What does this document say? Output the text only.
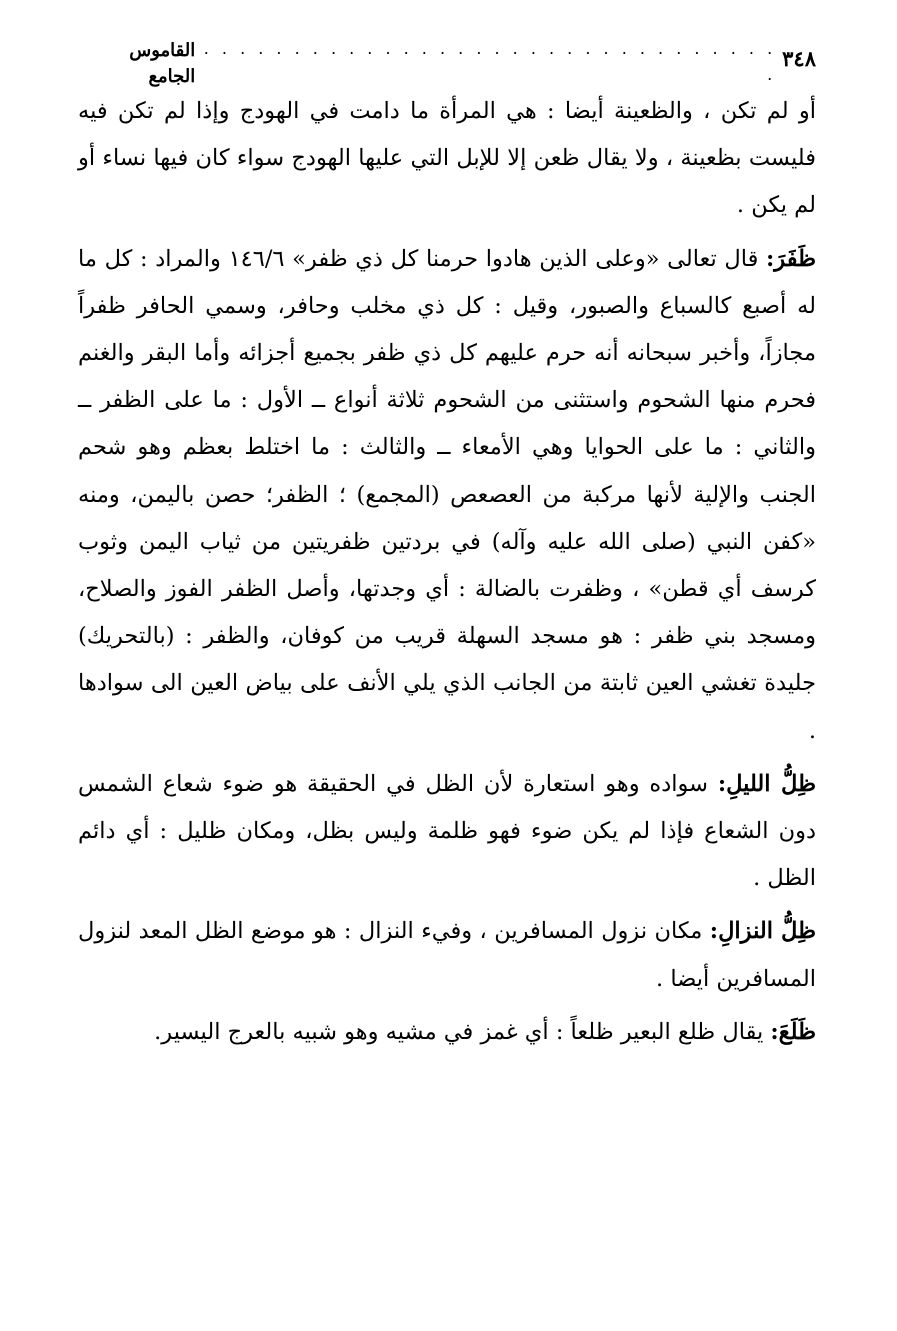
٣٤٨
. . . . . . . . . . . . . . . . . . . . . . . . . . . . . . . . .
القاموس الجامع

أو لم تكن ، والظعينة أيضا : هي المرأة ما دامت في الهودج وإذا لم تكن فيه فليست بظعينة ، ولا يقال ظعن إلا للإبل التي عليها الهودج سواء كان فيها نساء أو لم يكن .

ظَفَرَ: قال تعالى «وعلى الذين هادوا حرمنا كل ذي ظفر» ١٤٦/٦ والمراد : كل ما له أصبع كالسباع والصبور، وقيل : كل ذي مخلب وحافر، وسمي الحافر ظفراً مجازاً، وأخبر سبحانه أنه حرم عليهم كل ذي ظفر بجميع أجزائه وأما البقر والغنم فحرم منها الشحوم واستثنى من الشحوم ثلاثة أنواع ــ الأول : ما على الظفر ــ والثاني : ما على الحوايا وهي الأمعاء ــ والثالث : ما اختلط بعظم وهو شحم الجنب والإلية لأنها مركبة من العصعص (المجمع) ؛ الظفر؛ حصن باليمن، ومنه «كفن النبي (صلى الله عليه وآله) في بردتين ظفريتين من ثياب اليمن وثوب كرسف أي قطن» ، وظفرت بالضالة : أي وجدتها، وأصل الظفر الفوز والصلاح، ومسجد بني ظفر : هو مسجد السهلة قريب من كوفان، والظفر : (بالتحريك) جليدة تغشي العين ثابتة من الجانب الذي يلي الأنف على بياض العين الى سوادها .

ظِلُّ الليلِ: سواده وهو استعارة لأن الظل في الحقيقة هو ضوء شعاع الشمس دون الشعاع فإذا لم يكن ضوء فهو ظلمة وليس بظل، ومكان ظليل : أي دائم الظل .

ظِلُّ النزالِ: مكان نزول المسافرين ، وفيء النزال : هو موضع الظل المعد لنزول المسافرين أيضا .

ظَلَعَ: يقال ظلع البعير ظلعاً : أي غمز في مشيه وهو شبيه بالعرج اليسير.
